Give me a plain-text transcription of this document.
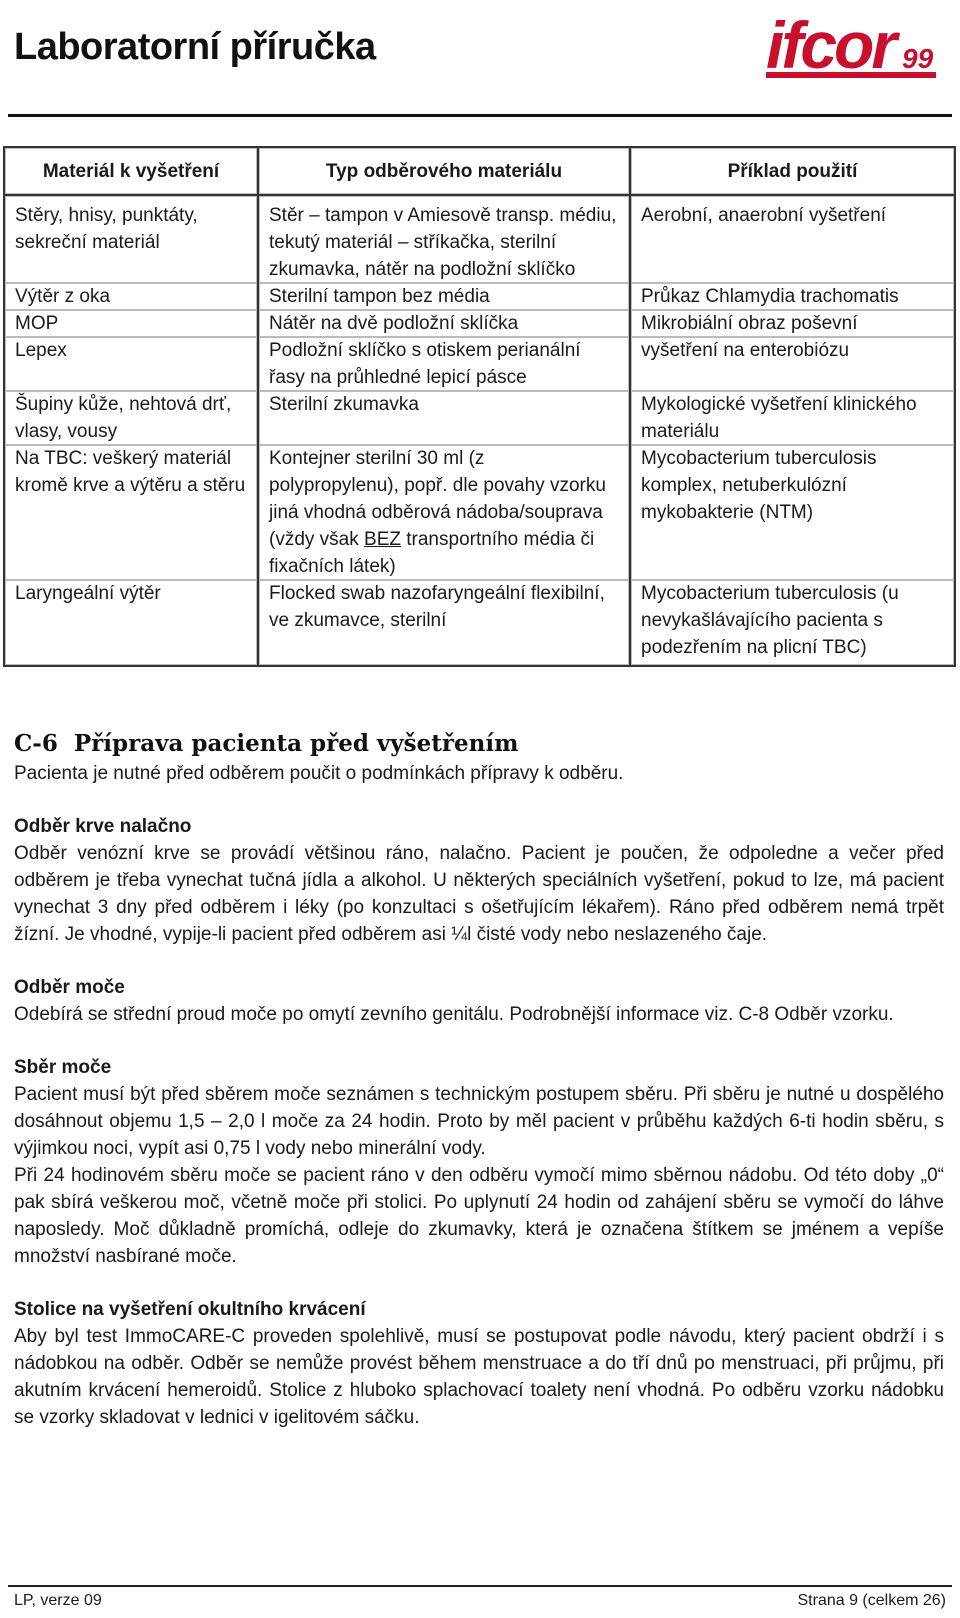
Laboratorní příručka	ifcor 99
Materiál k vyšetření	Typ odběrového materiálu	Příklad použití
Stěry, hnisy, punktáty, sekreční materiál	Stěr – tampon v Amiesově transp. médiu, tekutý materiál – stříkačka, sterilní zkumavka, nátěr na podložní sklíčko	Aerobní, anaerobní vyšetření
Výtěr z oka	Sterilní tampon bez média	Průkaz Chlamydia trachomatis
MOP	Nátěr na dvě podložní sklíčka	Mikrobiální obraz poševní
Lepex	Podložní sklíčko s otiskem perianální řasy na průhledné lepicí pásce	vyšetření na enterobiózu
Šupiny kůže, nehtová drť, vlasy, vousy	Sterilní zkumavka	Mykologické vyšetření klinického materiálu
Na TBC: veškerý materiál kromě krve a výtěru a stěru	Kontejner sterilní 30 ml (z polypropylenu), popř. dle povahy vzorku jiná vhodná odběrová nádoba/souprava (vždy však BEZ transportního média či fixačních látek)	Mycobacterium tuberculosis komplex, netuberkulózní mykobakterie (NTM)
Laryngeální výtěr	Flocked swab nazofaryngeální flexibilní, ve zkumavce, sterilní	Mycobacterium tuberculosis (u nevykašlávajícího pacienta s podezřením na plicní TBC)
C-6 Příprava pacienta před vyšetřením

Pacienta je nutné před odběrem poučit o podmínkách přípravy k odběru.

Odběr krve nalačno

Odběr venózní krve se provádí většinou ráno, nalačno. Pacient je poučen, že odpoledne a večer před odběrem je třeba vynechat tučná jídla a alkohol. U některých speciálních vyšetření, pokud to lze, má pacient vynechat 3 dny před odběrem i léky (po konzultaci s ošetřujícím lékařem). Ráno před odběrem nemá trpět žízní. Je vhodné, vypije-li pacient před odběrem asi ¼l čisté vody nebo neslazeného čaje.

Odběr moče

Odebírá se střední proud moče po omytí zevního genitálu. Podrobnější informace viz. C-8 Odběr vzorku.

Sběr moče

Pacient musí být před sběrem moče seznámen s technickým postupem sběru. Při sběru je nutné u dospělého dosáhnout objemu 1,5 – 2,0 l moče za 24 hodin. Proto by měl pacient v průběhu každých 6-ti hodin sběru, s výjimkou noci, vypít asi 0,75 l vody nebo minerální vody.

Při 24 hodinovém sběru moče se pacient ráno v den odběru vymočí mimo sběrnou nádobu. Od této doby „0“ pak sbírá veškerou moč, včetně moče při stolici. Po uplynutí 24 hodin od zahájení sběru se vymočí do láhve naposledy. Moč důkladně promíchá, odleje do zkumavky, která je označena štítkem se jménem a vepíše množství nasbírané moče.

Stolice na vyšetření okultního krvácení

Aby byl test ImmoCARE-C proveden spolehlivě, musí se postupovat podle návodu, který pacient obdrží i s nádobkou na odběr. Odběr se nemůže provést během menstruace a do tří dnů po menstruaci, při průjmu, při akutním krvácení hemeroidů. Stolice z hluboko splachovací toalety není vhodná. Po odběru vzorku nádobku se vzorky skladovat v lednici v igelitovém sáčku.

LP, verze 09	Strana 9 (celkem 26)
